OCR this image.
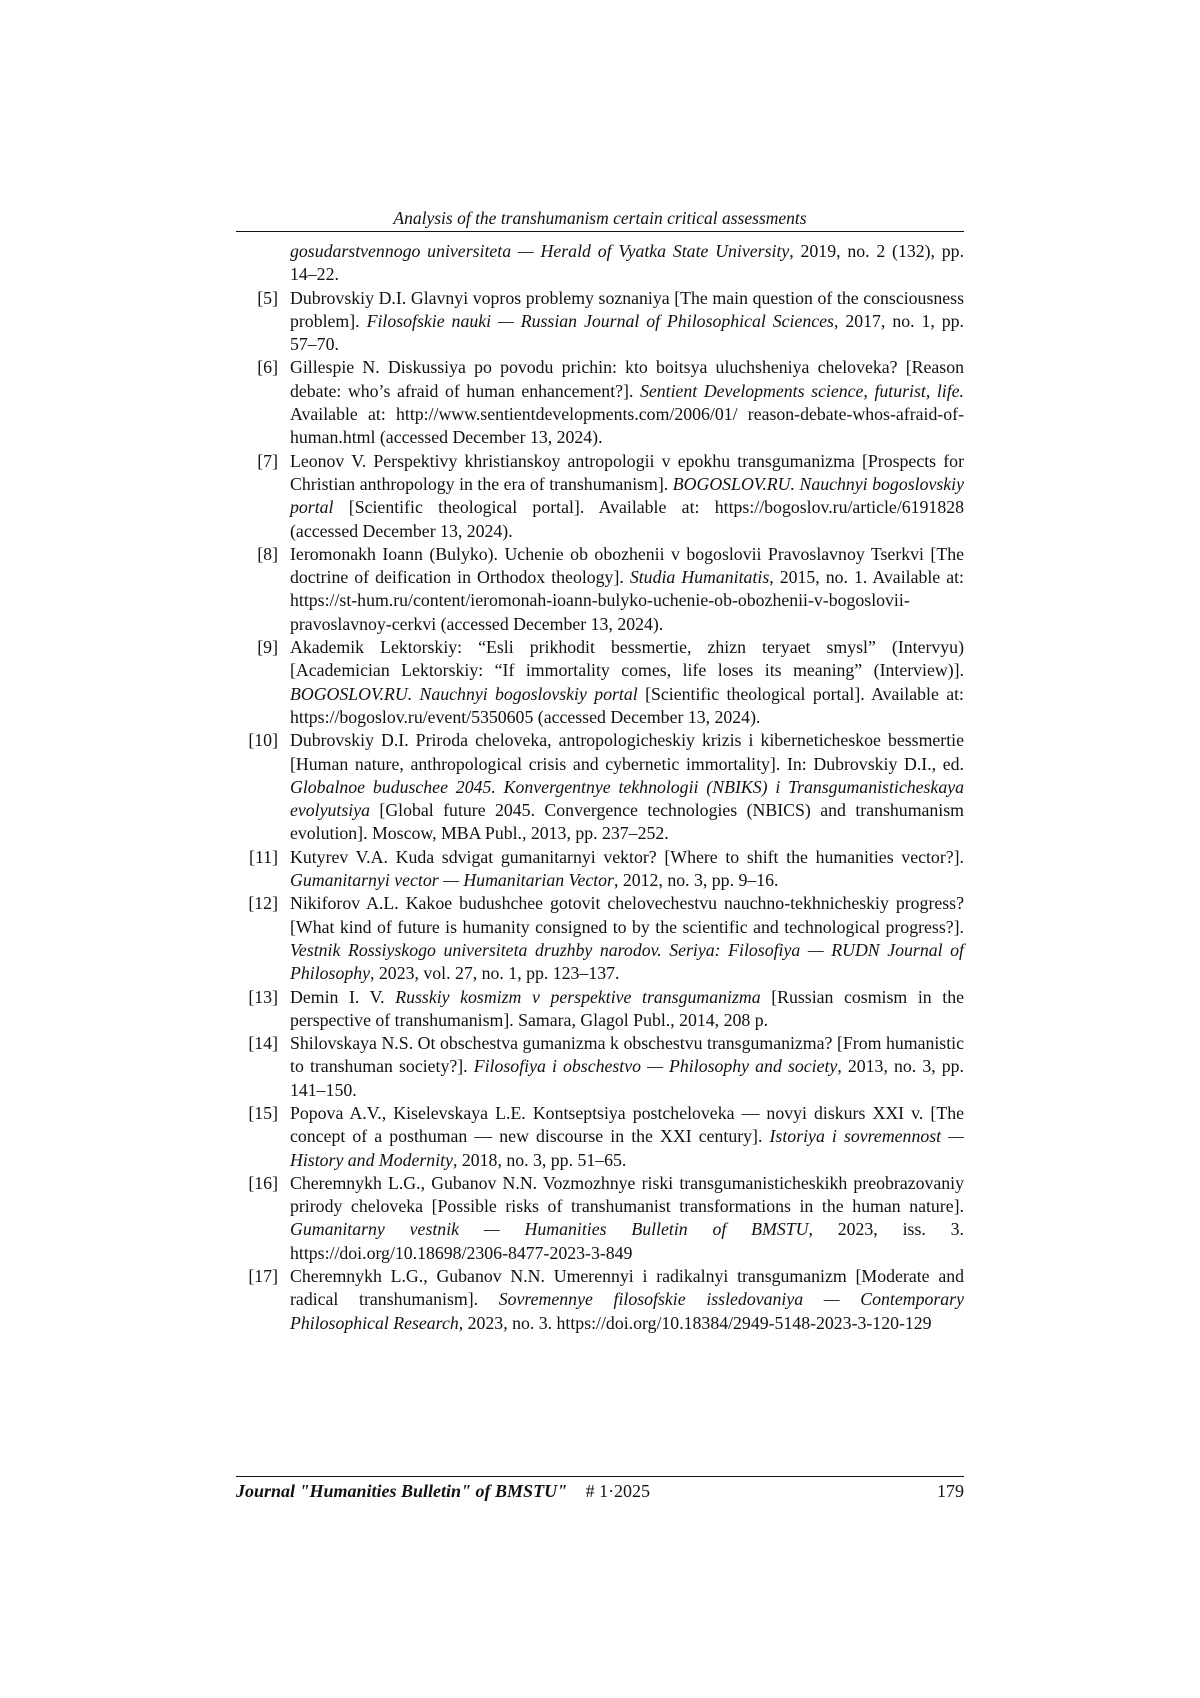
Analysis of the transhumanism certain critical assessments
gosudarstvennogo universiteta — Herald of Vyatka State University, 2019, no. 2 (132), pp. 14–22.
[5] Dubrovskiy D.I. Glavnyi vopros problemy soznaniya [The main question of the consciousness problem]. Filosofskie nauki — Russian Journal of Philosophical Sciences, 2017, no. 1, pp. 57–70.
[6] Gillespie N. Diskussiya po povodu prichin: kto boitsya uluchsheniya cheloveka? [Reason debate: who’s afraid of human enhancement?]. Sentient Developments science, futurist, life. Available at: http://www.sentientdevelopments.com/2006/01/ reason-debate-whos-afraid-of-human.html (accessed December 13, 2024).
[7] Leonov V. Perspektivy khristianskoy antropologii v epokhu transgumanizma [Prospects for Christian anthropology in the era of transhumanism]. BOGOSLOV.RU. Nauchnyi bogoslovskiy portal [Scientific theological portal]. Available at: https://bogoslov.ru/article/6191828 (accessed December 13, 2024).
[8] Ieromonakh Ioann (Bulyko). Uchenie ob obozhenii v bogoslovii Pravoslavnoy Tserkvi [The doctrine of deification in Orthodox theology]. Studia Humanitatis, 2015, no. 1. Available at: https://st-hum.ru/content/ieromonah-ioann-bulyko-uchenie-ob-obozhenii-v-bogoslovii-pravoslavnoy-cerkvi (accessed December 13, 2024).
[9] Akademik Lektorskiy: “Esli prikhodit bessmertie, zhizn teryaet smysl” (Intervyu) [Academician Lektorskiy: “If immortality comes, life loses its meaning” (Interview)]. BOGOSLOV.RU. Nauchnyi bogoslovskiy portal [Scientific theological portal]. Available at: https://bogoslov.ru/event/5350605 (accessed December 13, 2024).
[10] Dubrovskiy D.I. Priroda cheloveka, antropologicheskiy krizis i kiberneticheskoe bessmertie [Human nature, anthropological crisis and cybernetic immortality]. In: Dubrovskiy D.I., ed. Globalnoe buduschee 2045. Konvergentnye tekhnologii (NBIKS) i Transgumanisticheskaya evolyutsiya [Global future 2045. Convergence technologies (NBICS) and transhumanism evolution]. Moscow, MBA Publ., 2013, pp. 237–252.
[11] Kutyrev V.A. Kuda sdvigat gumanitarnyi vektor? [Where to shift the humanities vector?]. Gumanitarnyi vector — Humanitarian Vector, 2012, no. 3, pp. 9–16.
[12] Nikiforov A.L. Kakoe budushchee gotovit chelovechestvu nauchno-tekhnicheskiy progress? [What kind of future is humanity consigned to by the scientific and technological progress?]. Vestnik Rossiyskogo universiteta druzhby narodov. Seriya: Filosofiya — RUDN Journal of Philosophy, 2023, vol. 27, no. 1, pp. 123–137.
[13] Demin I. V. Russkiy kosmizm v perspektive transgumanizma [Russian cosmism in the perspective of transhumanism]. Samara, Glagol Publ., 2014, 208 p.
[14] Shilovskaya N.S. Ot obschestva gumanizma k obschestvu transgumanizma? [From humanistic to transhuman society?]. Filosofiya i obschestvo — Philosophy and society, 2013, no. 3, pp. 141–150.
[15] Popova A.V., Kiselevskaya L.E. Kontseptsiya postcheloveka — novyi diskurs XXI v. [The concept of a posthuman — new discourse in the XXI century]. Istoriya i sovremennost — History and Modernity, 2018, no. 3, pp. 51–65.
[16] Cheremnykh L.G., Gubanov N.N. Vozmozhnye riski transgumanisticheskikh preobrazovaniy prirody cheloveka [Possible risks of transhumanist transformations in the human nature]. Gumanitarny vestnik — Humanities Bulletin of BMSTU, 2023, iss. 3. https://doi.org/10.18698/2306-8477-2023-3-849
[17] Cheremnykh L.G., Gubanov N.N. Umerennyi i radikalnyi transgumanizm [Moderate and radical transhumanism]. Sovremennye filosofskie issledovaniya — Contemporary Philosophical Research, 2023, no. 3. https://doi.org/10.18384/2949-5148-2023-3-120-129
Journal "Humanities Bulletin" of BMSTU" # 1·2025	179
